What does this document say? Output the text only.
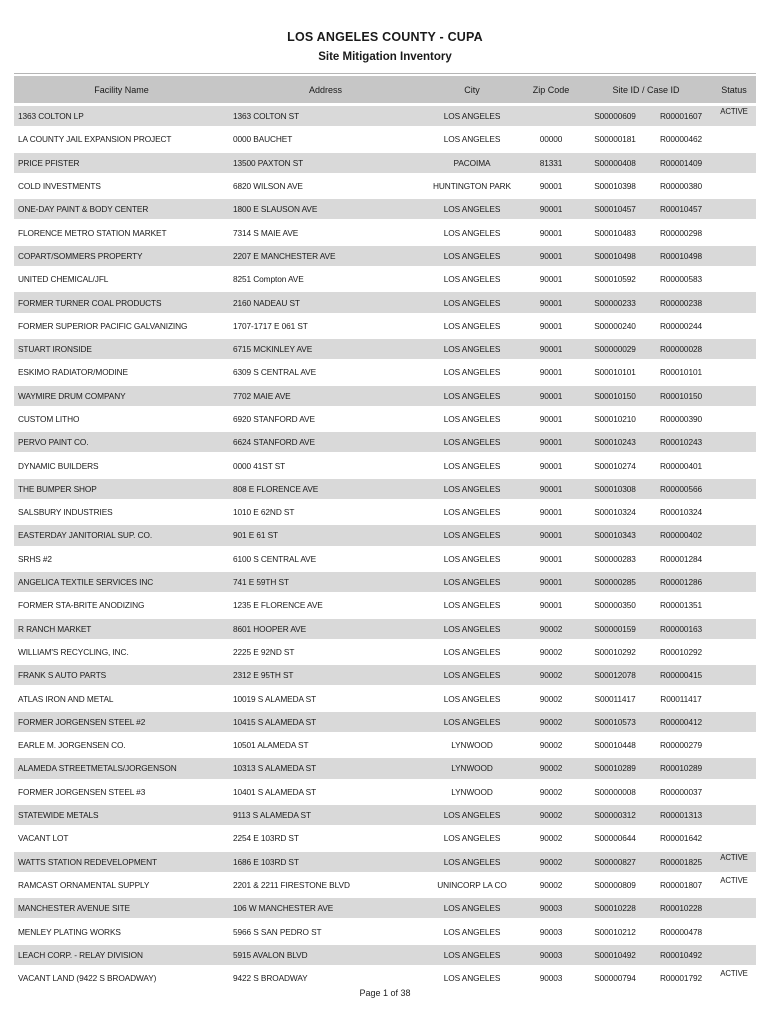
LOS ANGELES COUNTY - CUPA
Site Mitigation Inventory
Facility Name	Address	City	Zip Code	Site ID / Case ID		Status
1363 COLTON LP	1363 COLTON ST	LOS ANGELES		S00000609	R00001607	ACTIVE
LA COUNTY JAIL EXPANSION PROJECT	0000 BAUCHET	LOS ANGELES	00000	S00000181	R00000462	
PRICE PFISTER	13500 PAXTON ST	PACOIMA	81331	S00000408	R00001409	
COLD INVESTMENTS	6820 WILSON AVE	HUNTINGTON PARK	90001	S00010398	R00000380	
ONE-DAY PAINT & BODY CENTER	1800 E SLAUSON AVE	LOS ANGELES	90001	S00010457	R00010457	
FLORENCE METRO STATION MARKET	7314 S MAIE AVE	LOS ANGELES	90001	S00010483	R00000298	
COPART/SOMMERS PROPERTY	2207 E MANCHESTER AVE	LOS ANGELES	90001	S00010498	R00010498	
UNITED CHEMICAL/JFL	8251 Compton AVE	LOS ANGELES	90001	S00010592	R00000583	
FORMER TURNER COAL PRODUCTS	2160 NADEAU ST	LOS ANGELES	90001	S00000233	R00000238	
FORMER SUPERIOR PACIFIC GALVANIZING	1707-1717 E 061 ST	LOS ANGELES	90001	S00000240	R00000244	
STUART IRONSIDE	6715 MCKINLEY AVE	LOS ANGELES	90001	S00000029	R00000028	
ESKIMO RADIATOR/MODINE	6309 S CENTRAL AVE	LOS ANGELES	90001	S00010101	R00010101	
WAYMIRE DRUM COMPANY	7702 MAIE AVE	LOS ANGELES	90001	S00010150	R00010150	
CUSTOM LITHO	6920 STANFORD AVE	LOS ANGELES	90001	S00010210	R00000390	
PERVO PAINT CO.	6624 STANFORD AVE	LOS ANGELES	90001	S00010243	R00010243	
DYNAMIC BUILDERS	0000 41ST ST	LOS ANGELES	90001	S00010274	R00000401	
THE BUMPER SHOP	808 E FLORENCE AVE	LOS ANGELES	90001	S00010308	R00000566	
SALSBURY INDUSTRIES	1010 E 62ND ST	LOS ANGELES	90001	S00010324	R00010324	
EASTERDAY JANITORIAL SUP. CO.	901 E 61 ST	LOS ANGELES	90001	S00010343	R00000402	
SRHS #2	6100 S CENTRAL AVE	LOS ANGELES	90001	S00000283	R00001284	
ANGELICA TEXTILE SERVICES INC	741 E 59TH ST	LOS ANGELES	90001	S00000285	R00001286	
FORMER STA-BRITE ANODIZING	1235 E FLORENCE AVE	LOS ANGELES	90001	S00000350	R00001351	
R RANCH MARKET	8601 HOOPER AVE	LOS ANGELES	90002	S00000159	R00000163	
WILLIAM'S RECYCLING, INC.	2225 E 92ND ST	LOS ANGELES	90002	S00010292	R00010292	
FRANK S AUTO PARTS	2312 E 95TH ST	LOS ANGELES	90002	S00012078	R00000415	
ATLAS IRON AND METAL	10019 S ALAMEDA ST	LOS ANGELES	90002	S00011417	R00011417	
FORMER JORGENSEN STEEL #2	10415 S ALAMEDA ST	LOS ANGELES	90002	S00010573	R00000412	
EARLE M. JORGENSEN CO.	10501 ALAMEDA ST	LYNWOOD	90002	S00010448	R00000279	
ALAMEDA STREETMETALS/JORGENSON	10313 S ALAMEDA ST	LYNWOOD	90002	S00010289	R00010289	
FORMER JORGENSEN STEEL #3	10401 S ALAMEDA ST	LYNWOOD	90002	S00000008	R00000037	
STATEWIDE METALS	9113 S ALAMEDA ST	LOS ANGELES	90002	S00000312	R00001313	
VACANT LOT	2254 E 103RD ST	LOS ANGELES	90002	S00000644	R00001642	
WATTS STATION REDEVELOPMENT	1686 E 103RD ST	LOS ANGELES	90002	S00000827	R00001825	ACTIVE
RAMCAST ORNAMENTAL SUPPLY	2201 & 2211 FIRESTONE BLVD	UNINCORP LA CO	90002	S00000809	R00001807	ACTIVE
MANCHESTER AVENUE SITE	106 W MANCHESTER AVE	LOS ANGELES	90003	S00010228	R00010228	
MENLEY PLATING WORKS	5966 S SAN PEDRO ST	LOS ANGELES	90003	S00010212	R00000478	
LEACH CORP. - RELAY DIVISION	5915 AVALON BLVD	LOS ANGELES	90003	S00010492	R00010492	
VACANT LAND (9422 S BROADWAY)	9422 S BROADWAY	LOS ANGELES	90003	S00000794	R00001792	ACTIVE
Page 1 of 38
